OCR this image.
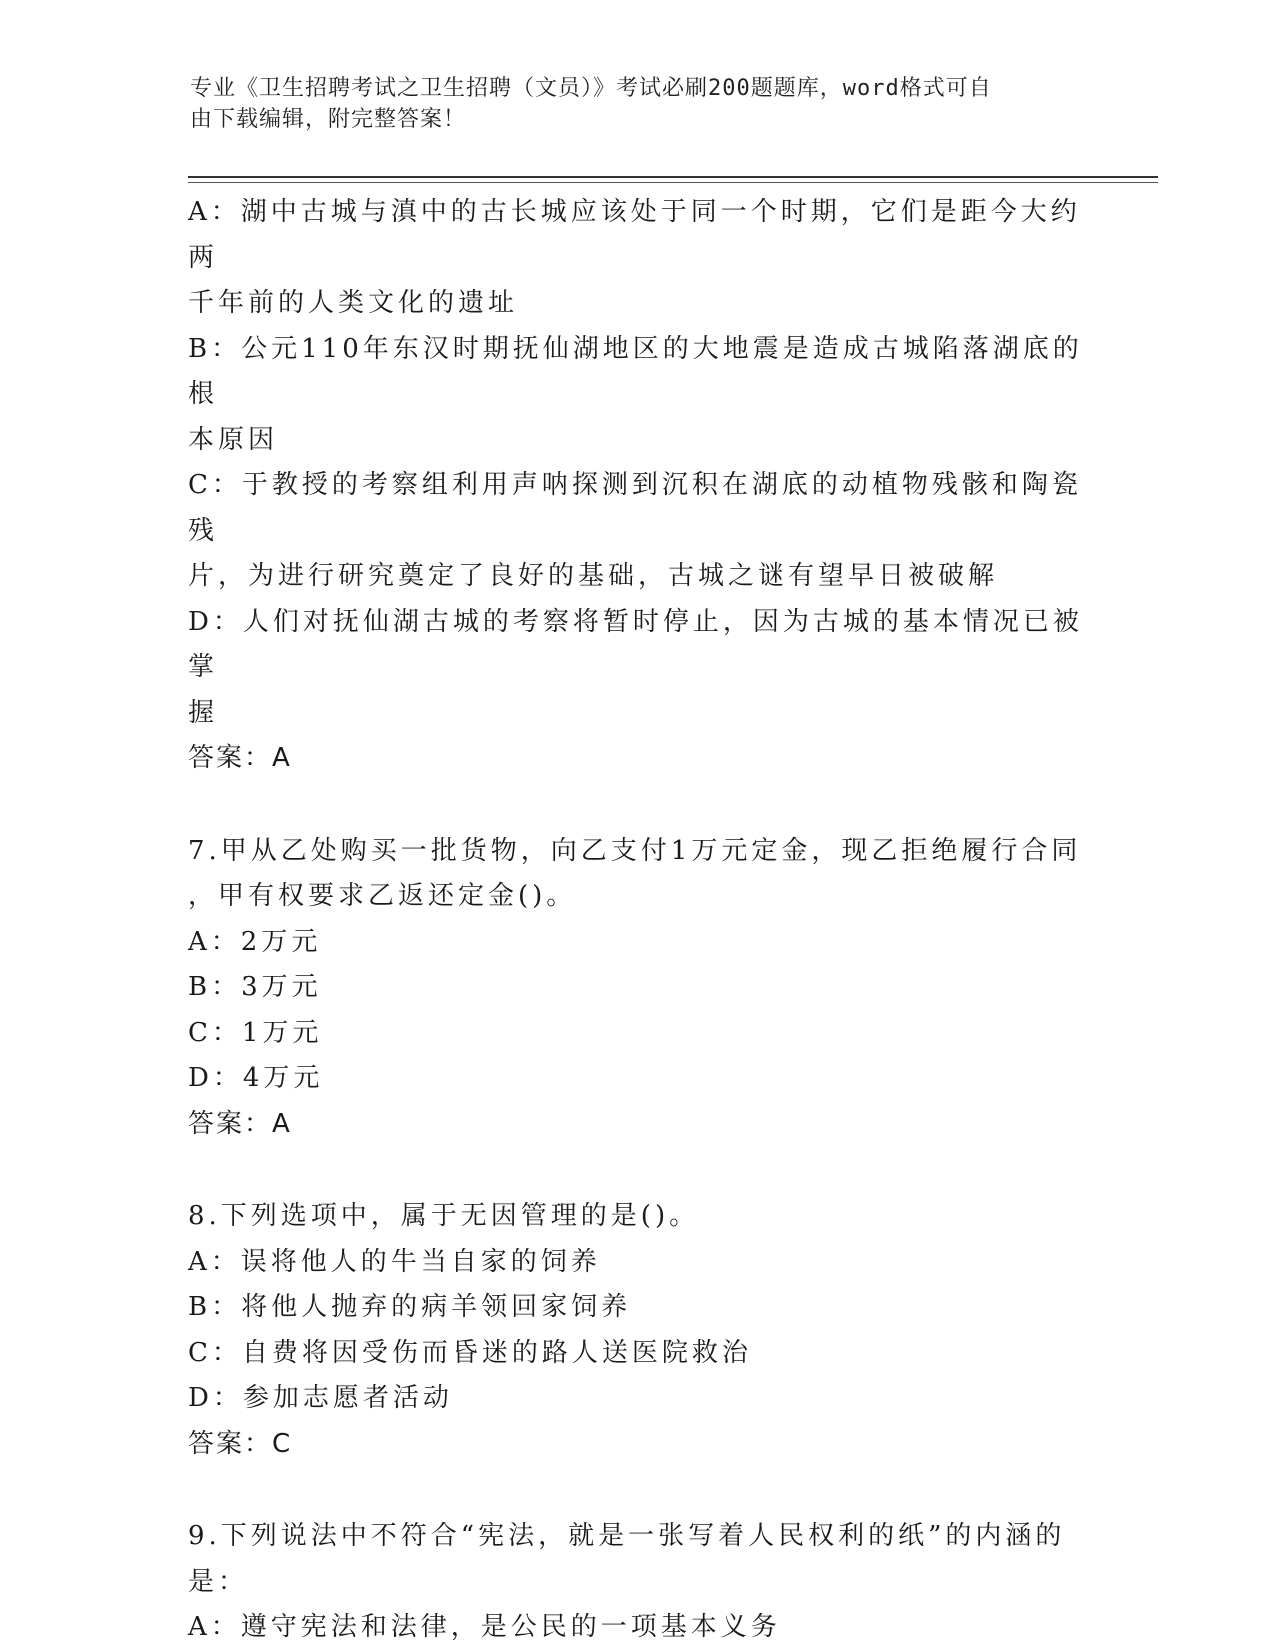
专业《卫生招聘考试之卫生招聘（文员）》考试必刷200题题库，word格式可自
由下载编辑，附完整答案！
A：湖中古城与滇中的古长城应该处于同一个时期，它们是距今大约两
千年前的人类文化的遗址
B：公元110年东汉时期抚仙湖地区的大地震是造成古城陷落湖底的根
本原因
C：于教授的考察组利用声呐探测到沉积在湖底的动植物残骸和陶瓷残
片，为进行研究奠定了良好的基础，古城之谜有望早日被破解
D：人们对抚仙湖古城的考察将暂时停止，因为古城的基本情况已被掌
握
答案：A
7.甲从乙处购买一批货物，向乙支付1万元定金，现乙拒绝履行合同
，甲有权要求乙返还定金()。
A：2万元
B：3万元
C：1万元
D：4万元
答案：A
8.下列选项中，属于无因管理的是()。
A：误将他人的牛当自家的饲养
B：将他人抛弃的病羊领回家饲养
C：自费将因受伤而昏迷的路人送医院救治
D：参加志愿者活动
答案：C
9.下列说法中不符合“宪法，就是一张写着人民权利的纸”的内涵的
是：
A：遵守宪法和法律，是公民的一项基本义务
